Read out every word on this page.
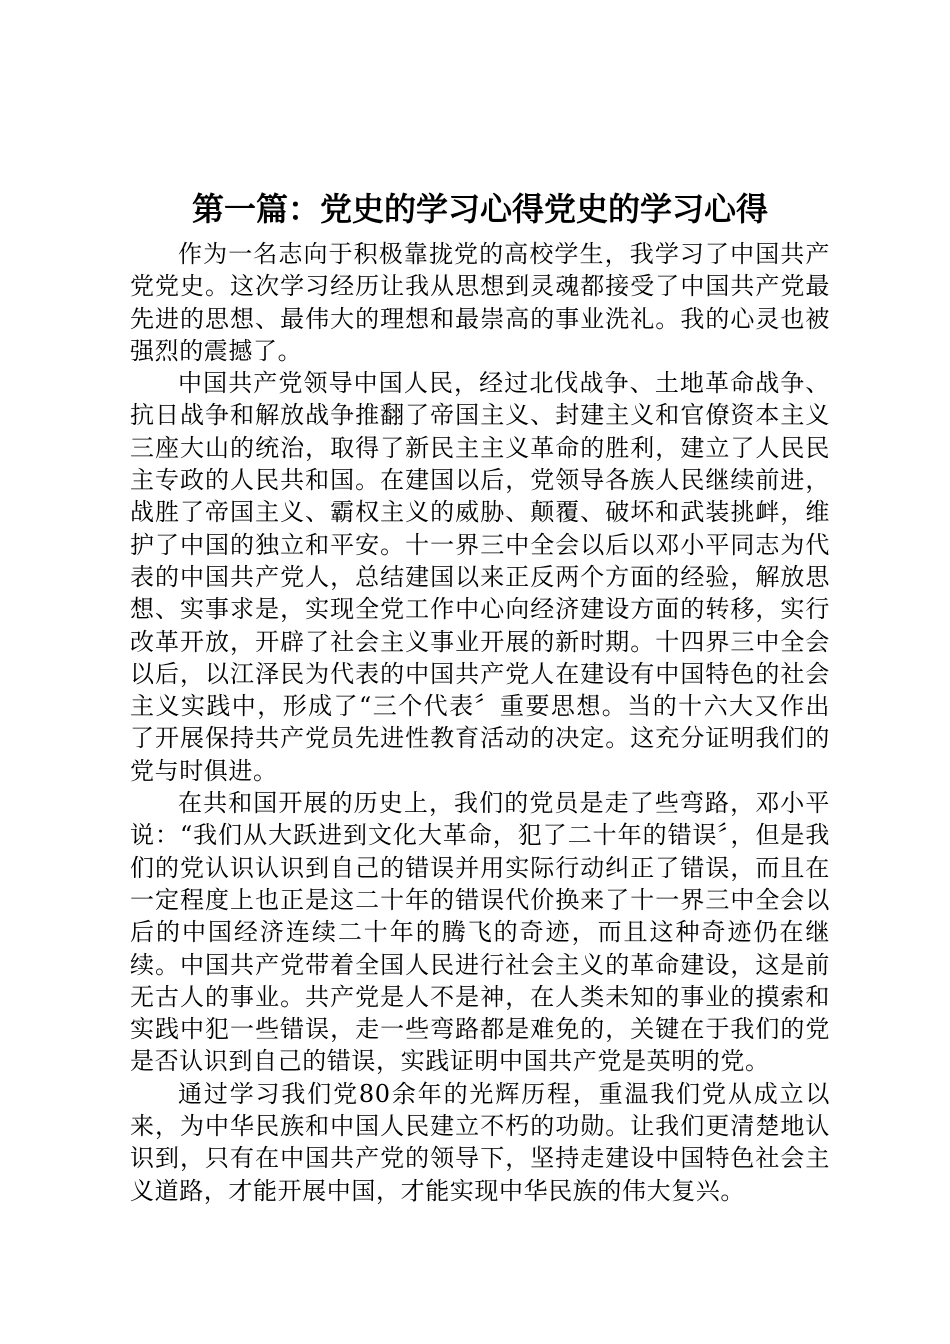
第一篇：党史的学习心得党史的学习心得

作为一名志向于积极靠拢党的高校学生，我学习了中国共产党党史。这次学习经历让我从思想到灵魂都接受了中国共产党最先进的思想、最伟大的理想和最崇高的事业洗礼。我的心灵也被强烈的震撼了。

中国共产党领导中国人民，经过北伐战争、土地革命战争、抗日战争和解放战争推翻了帝国主义、封建主义和官僚资本主义三座大山的统治，取得了新民主主义革命的胜利，建立了人民民主专政的人民共和国。在建国以后，党领导各族人民继续前进，战胜了帝国主义、霸权主义的威胁、颠覆、破坏和武装挑衅，维护了中国的独立和平安。十一界三中全会以后以邓小平同志为代表的中国共产党人，总结建国以来正反两个方面的经验，解放思想、实事求是，实现全党工作中心向经济建设方面的转移，实行改革开放，开辟了社会主义事业开展的新时期。十四界三中全会以后，以江泽民为代表的中国共产党人在建设有中国特色的社会主义实践中，形成了“三个代表〞重要思想。当的十六大又作出了开展保持共产党员先进性教育活动的决定。这充分证明我们的党与时俱进。

在共和国开展的历史上，我们的党员是走了些弯路，邓小平说：“我们从大跃进到文化大革命，犯了二十年的错误〞，但是我们的党认识认识到自己的错误并用实际行动纠正了错误，而且在一定程度上也正是这二十年的错误代价换来了十一界三中全会以后的中国经济连续二十年的腾飞的奇迹，而且这种奇迹仍在继续。中国共产党带着全国人民进行社会主义的革命建设，这是前无古人的事业。共产党是人不是神，在人类未知的事业的摸索和实践中犯一些错误，走一些弯路都是难免的，关键在于我们的党是否认识到自己的错误，实践证明中国共产党是英明的党。

通过学习我们党80余年的光辉历程，重温我们党从成立以来，为中华民族和中国人民建立不朽的功勋。让我们更清楚地认识到，只有在中国共产党的领导下，坚持走建设中国特色社会主义道路，才能开展中国，才能实现中华民族的伟大复兴。
